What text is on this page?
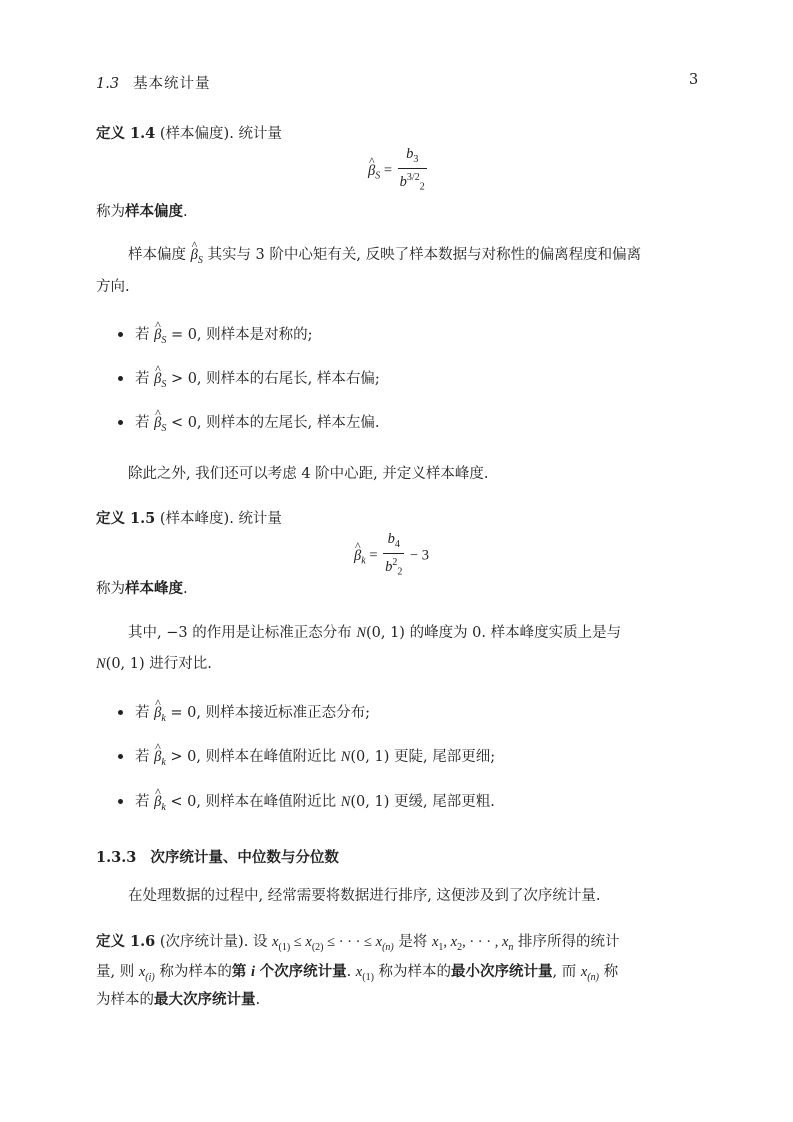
1.3 基本统计量	3
定义 1.4 (样本偏度). 统计量
^ $\beta_S = \frac{b_3}{b^{3/2}_2}$
称为样本偏度.
样本偏度 ^ $\beta_S$ 其实与 3 阶中心矩有关, 反映了样本数据与对称性的偏离程度和偏离
方向.
若 ^ $\beta_S = 0$, 则样本是对称的;
若 ^ $\beta_S > 0$, 则样本的右尾长, 样本右偏;
若 ^ $\beta_S < 0$, 则样本的左尾长, 样本左偏.
除此之外, 我们还可以考虑 4 阶中心距, 并定义样本峰度.
定义 1.5 (样本峰度). 统计量
^ $\beta_k = \frac{b_4}{b^2_2} - 3$
称为样本峰度.
其中, −3 的作用是让标准正态分布 N(0, 1) 的峰度为 0. 样本峰度实质上是与
N(0, 1) 进行对比.
若 ^ $\beta_k = 0$, 则样本接近标准正态分布;
若 ^ $\beta_k > 0$, 则样本在峰值附近比 N(0, 1) 更陡, 尾部更细;
若 ^ $\beta_k < 0$, 则样本在峰值附近比 N(0, 1) 更缓, 尾部更粗.
1.3.3 次序统计量、中位数与分位数
在处理数据的过程中, 经常需要将数据进行排序, 这便涉及到了次序统计量.
定义 1.6 (次序统计量). 设 $x_{(1)} \le x_{(2)}$ ≤ · · · ≤ $x_{(n)}$ 是将 $x_1$, $x_2$, · · · , $x_n$ 排序所得的统计
量, 则 $x_{(i)}$ 称为样本的第 i 个次序统计量. $x_{(1)}$ 称为样本的最小次序统计量, 而 $x_{(n)}$ 称
为样本的最大次序统计量.
